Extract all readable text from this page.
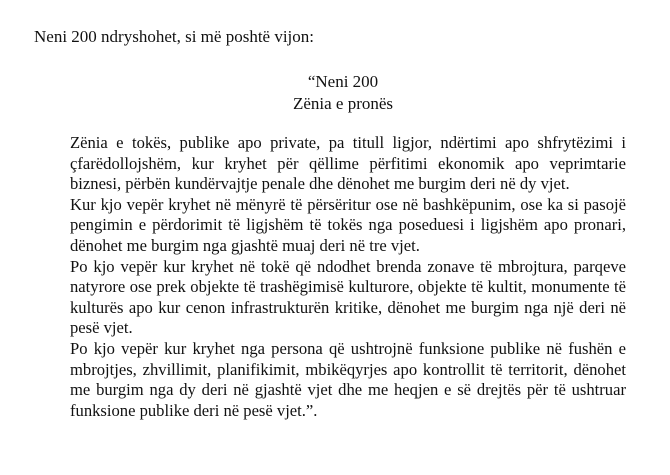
Neni 200 ndryshohet, si më poshtë vijon:
“Neni 200
Zënia e pronës

Zënia e tokës, publike apo private, pa titull ligjor, ndërtimi apo shfrytëzimi i çfarëdollojshëm, kur kryhet për qëllime përfitimi ekonomik apo veprimtarie biznesi, përbën kundërvajtje penale dhe dënohet me burgim deri në dy vjet.

Kur kjo vepër kryhet në mënyrë të përsëritur ose në bashkëpunim, ose ka si pasojë pengimin e përdorimit të ligjshëm të tokës nga poseduesi i ligjshëm apo pronari, dënohet me burgim nga gjashtë muaj deri në tre vjet.

Po kjo vepër kur kryhet në tokë që ndodhet brenda zonave të mbrojtura, parqeve natyrore ose prek objekte të trashëgimisë kulturore, objekte të kultit, monumente të kulturës apo kur cenon infrastrukturën kritike, dënohet me burgim nga një deri në pesë vjet.

Po kjo vepër kur kryhet nga persona që ushtrojnë funksione publike në fushën e mbrojtjes, zhvillimit, planifikimit, mbikëqyrjes apo kontrollit të territorit, dënohet me burgim nga dy deri në gjashtë vjet dhe me heqjen e së drejtës për të ushtruar funksione publike deri në pesë vjet.”.
